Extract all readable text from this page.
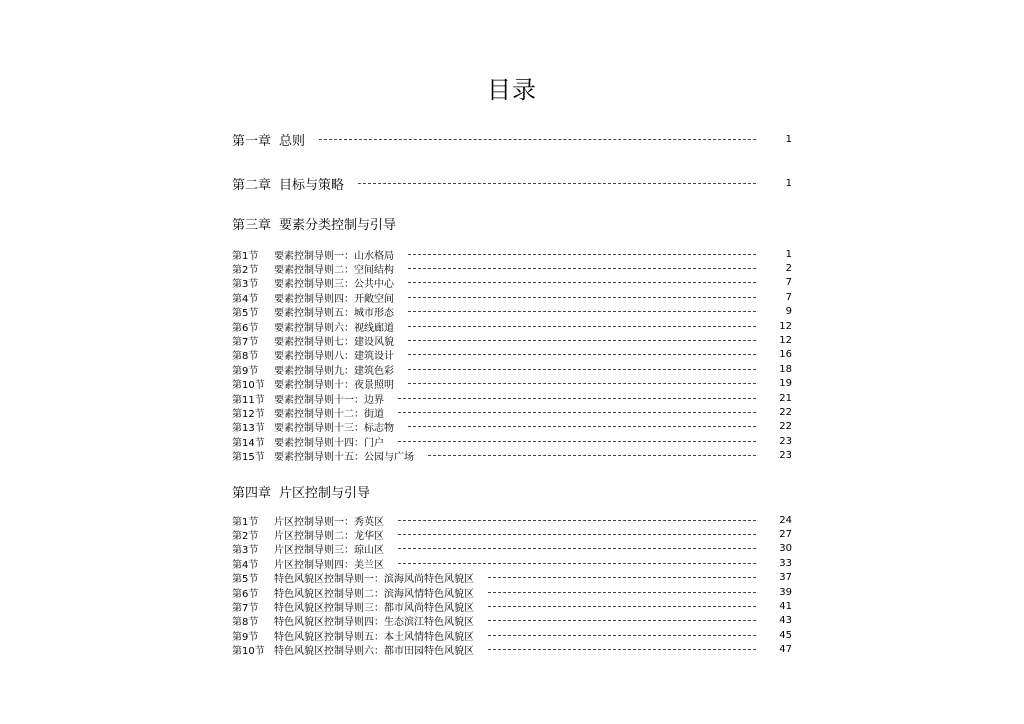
目录
第一章 总则	1
第二章 目标与策略	1
第三章 要素分类控制与引导
第1节	要素控制导则一：山水格局	1
第2节	要素控制导则二：空间结构	2
第3节	要素控制导则三：公共中心	7
第4节	要素控制导则四：开敞空间	7
第5节	要素控制导则五：城市形态	9
第6节	要素控制导则六：视线廊道	12
第7节	要素控制导则七：建设风貌	12
第8节	要素控制导则八：建筑设计	16
第9节	要素控制导则九：建筑色彩	18
第10节 要素控制导则十：夜景照明	19
第11节 要素控制导则十一：边界	21
第12节 要素控制导则十二：街道	22
第13节 要素控制导则十三：标志物	22
第14节 要素控制导则十四：门户	23
第15节 要素控制导则十五：公园与广场	23
第四章 片区控制与引导
第1节	片区控制导则一：秀英区	24
第2节	片区控制导则二：龙华区	27
第3节	片区控制导则三：琼山区	30
第4节	片区控制导则四：美兰区	33
第5节	特色风貌区控制导则一：滨海风尚特色风貌区	37
第6节	特色风貌区控制导则二：滨海风情特色风貌区	39
第7节	特色风貌区控制导则三：都市风尚特色风貌区	41
第8节	特色风貌区控制导则四：生态滨江特色风貌区	43
第9节	特色风貌区控制导则五：本土风情特色风貌区	45
第10节 特色风貌区控制导则六：都市田园特色风貌区	47
